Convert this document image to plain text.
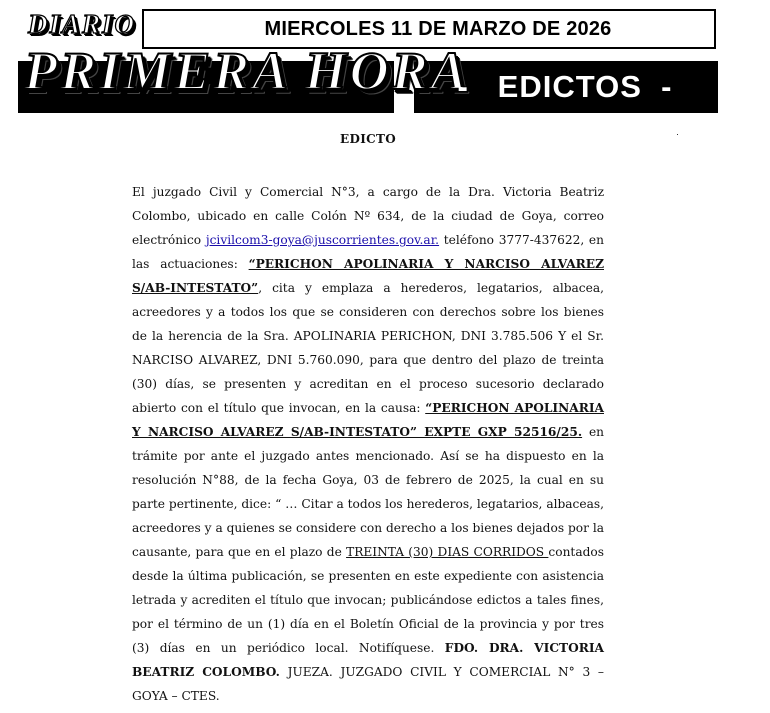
MIERCOLES 11 DE MARZO DE 2026
DIARIO
PRIMERA HORA
-   EDICTOS  -
EDICTO
El juzgado Civil y Comercial N°3, a cargo de la Dra. Victoria Beatriz Colombo, ubicado en calle Colón Nº 634, de la ciudad de Goya, correo electrónico jcivilcom3-goya@juscorrientes.gov.ar. teléfono 3777-437622, en las actuaciones: “PERICHON APOLINARIA Y NARCISO ALVAREZ S/AB-INTESTATO”, cita y emplaza a herederos, legatarios, albacea, acreedores y a todos los que se consideren con derechos sobre los bienes de la herencia de la Sra. APOLINARIA PERICHON, DNI 3.785.506 Y el Sr. NARCISO ALVAREZ, DNI 5.760.090, para que dentro del plazo de treinta (30) días, se presenten y acreditan en el proceso sucesorio declarado abierto con el título que invocan, en la causa: “PERICHON APOLINARIA Y NARCISO ALVAREZ S/AB-INTESTATO” EXPTE GXP 52516/25. en trámite por ante el juzgado antes mencionado. Así se ha dispuesto en la resolución N°88, de la fecha Goya, 03 de febrero de 2025, la cual en su parte pertinente, dice: “ … Citar a todos los herederos, legatarios, albaceas, acreedores y a quienes se considere con derecho a los bienes dejados por la causante, para que en el plazo de TREINTA (30) DIAS CORRIDOS contados desde la última publicación, se presenten en este expediente con asistencia letrada y acrediten el título que invocan; publicándose edictos a tales fines, por el término de un (1) día en el Boletín Oficial de la provincia y por tres (3) días en un periódico local. Notifíquese. FDO. DRA. VICTORIA BEATRIZ COLOMBO. JUEZA. JUZGADO CIVIL Y COMERCIAL N° 3 – GOYA – CTES.
